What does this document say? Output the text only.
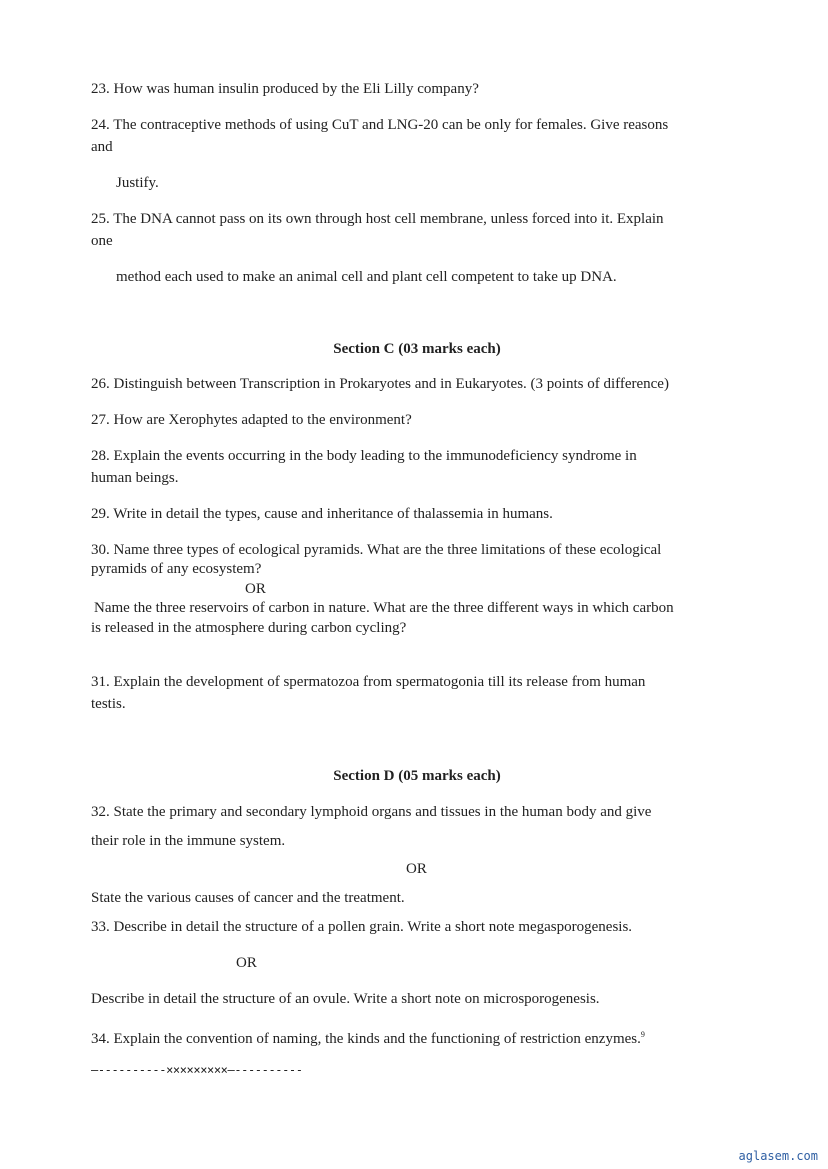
23. How was human insulin produced by the Eli Lilly company?
24. The contraceptive methods of using CuT and LNG-20 can be only for females. Give reasons
and
Justify.
25. The DNA cannot pass on its own through host cell membrane, unless forced into it. Explain
one
method each used to make an animal cell and plant cell competent to take up DNA.
Section C (03 marks each)
26. Distinguish between Transcription in Prokaryotes and in Eukaryotes. (3 points of difference)
27. How are Xerophytes adapted to the environment?
28. Explain the events occurring in the body leading to the immunodeficiency syndrome in
human beings.
29. Write in detail the types, cause and inheritance of thalassemia in humans.
30. Name three types of ecological pyramids. What are the three limitations of these ecological
pyramids of any ecosystem?
OR
Name the three reservoirs of carbon in nature. What are the three different ways in which carbon
is released in the atmosphere during carbon cycling?
31. Explain the development of spermatozoa from spermatogonia till its release from human
testis.
Section D (05 marks each)
32. State the primary and secondary lymphoid organs and tissues in the human body and give
their role in the immune system.
OR
State the various causes of cancer and the treatment.
33. Describe in detail the structure of a pollen grain. Write a short note megasporogenesis.
OR
Describe in detail the structure of an ovule. Write a short note on microsporogenesis.
34. Explain the convention of naming, the kinds and the functioning of restriction enzymes.$^9$
—----------×××××××××—----------
aglasem.com
